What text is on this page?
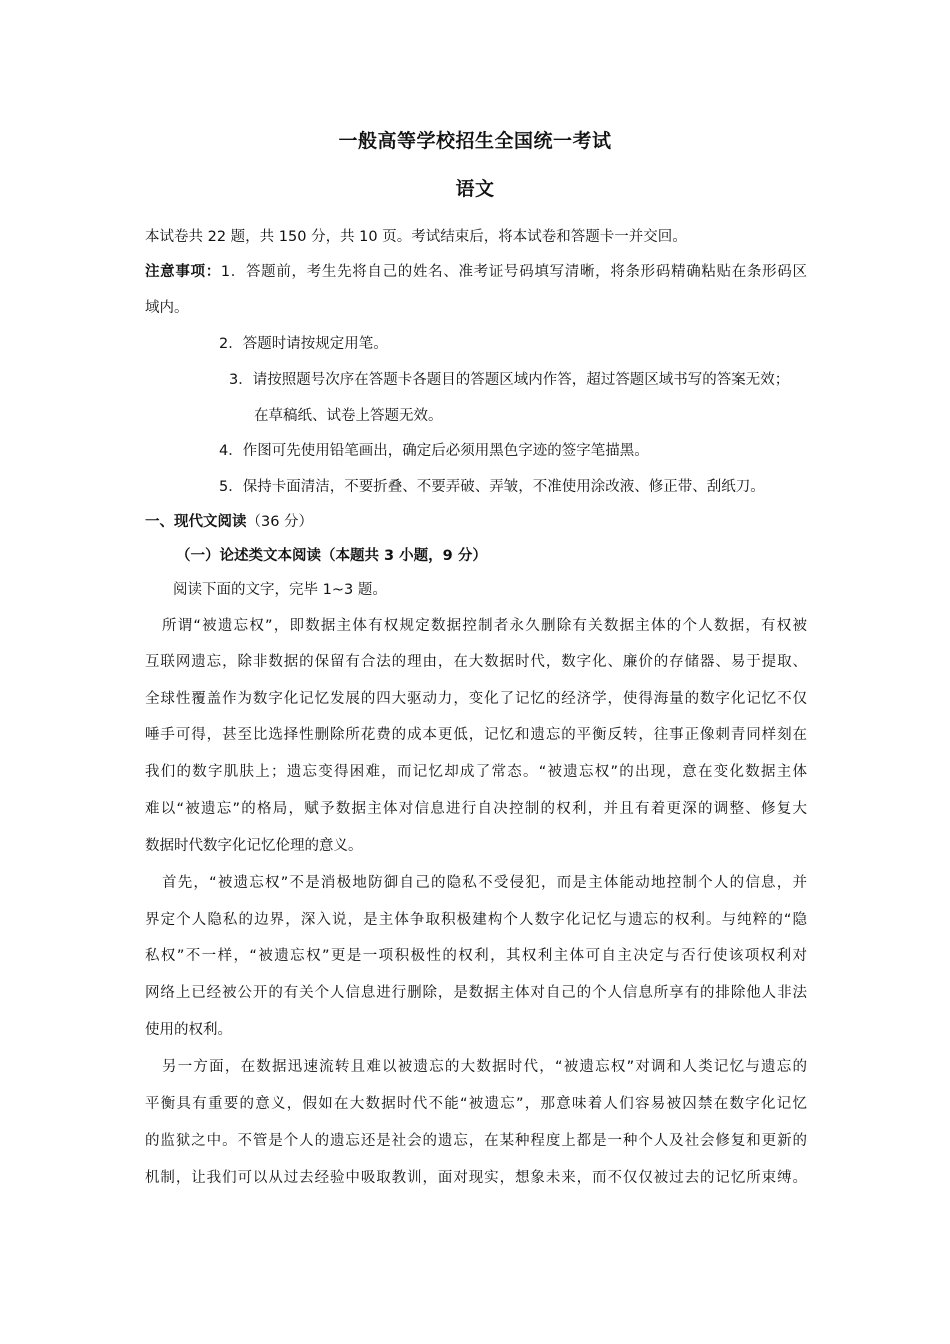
一般高等学校招生全国统一考试
语文
本试卷共 22 题，共 150 分，共 10 页。考试结束后，将本试卷和答题卡一并交回。
注意事项：1．答题前，考生先将自己的姓名、准考证号码填写清晰，将条形码精确粘贴在条形码区
域内。
2．答题时请按规定用笔。
3．请按照题号次序在答题卡各题目的答题区域内作答，超过答题区域书写的答案无效；
在草稿纸、试卷上答题无效。
4．作图可先使用铅笔画出，确定后必须用黑色字迹的签字笔描黑。
5．保持卡面清洁，不要折叠、不要弄破、弄皱，不准使用涂改液、修正带、刮纸刀。
一、现代文阅读（36 分）
（一）论述类文本阅读（本题共 3 小题，9 分）
阅读下面的文字，完毕 1~3 题。
所谓“被遗忘权”，即数据主体有权规定数据控制者永久删除有关数据主体的个人数据，有权被
互联网遗忘，除非数据的保留有合法的理由，在大数据时代，数字化、廉价的存储器、易于提取、
全球性覆盖作为数字化记忆发展的四大驱动力，变化了记忆的经济学，使得海量的数字化记忆不仅
唾手可得，甚至比选择性删除所花费的成本更低，记忆和遗忘的平衡反转，往事正像刺青同样刻在
我们的数字肌肤上；遗忘变得困难，而记忆却成了常态。“被遗忘权”的出现，意在变化数据主体
难以“被遗忘”的格局，赋予数据主体对信息进行自决控制的权利，并且有着更深的调整、修复大
数据时代数字化记忆伦理的意义。
首先，“被遗忘权”不是消极地防御自己的隐私不受侵犯，而是主体能动地控制个人的信息，并
界定个人隐私的边界，深入说，是主体争取积极建构个人数字化记忆与遗忘的权利。与纯粹的“隐
私权”不一样，“被遗忘权”更是一项积极性的权利，其权利主体可自主决定与否行使该项权利对
网络上已经被公开的有关个人信息进行删除，是数据主体对自己的个人信息所享有的排除他人非法
使用的权利。
另一方面，在数据迅速流转且难以被遗忘的大数据时代，“被遗忘权”对调和人类记忆与遗忘的
平衡具有重要的意义，假如在大数据时代不能“被遗忘”，那意味着人们容易被囚禁在数字化记忆
的监狱之中。不管是个人的遗忘还是社会的遗忘，在某种程度上都是一种个人及社会修复和更新的
机制，让我们可以从过去经验中吸取教训，面对现实，想象未来，而不仅仅被过去的记忆所束缚。
